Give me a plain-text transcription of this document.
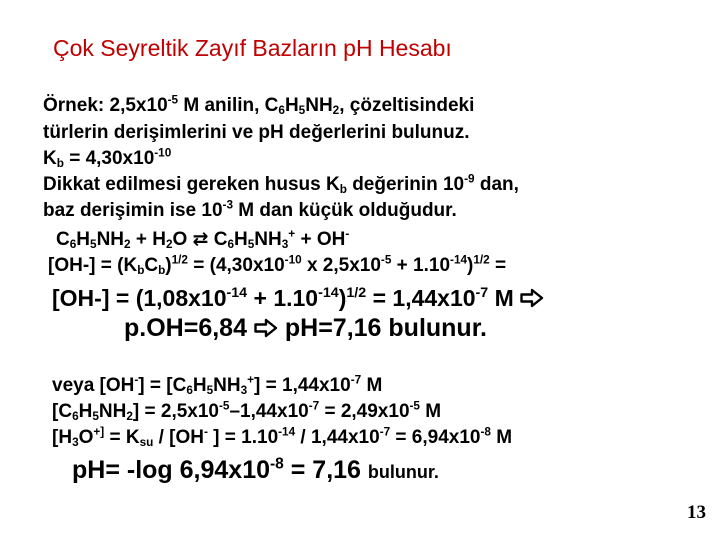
Çok Seyreltik Zayıf Bazların pH Hesabı
Örnek: $2,5x10^{-5}$ M anilin, $C_6H_5NH_2$, çözeltisindeki
türlerin derişimlerini ve pH değerlerini bulunuz.
$K_b = 4,30x10^{-10}$
Dikkat edilmesi gereken husus $K_b$ değerinin $10^{-9}$ dan,
baz derişimin ise $10^{-3}$ M dan küçük olduğudur.
$C_6H_5NH_2 + H_2O$ ⇄ $C_6H_5NH_3^+ + OH^-$
$[OH-] = (K_bC_b)^{1/2} = (4,30x10^{-10}$ x $2,5x10^{-5} + 1.10^{-14})^{1/2}$ =
$[OH-] = (1,08x10^{-14} + 1.10^{-14})^{1/2} = 1,44x10^{-7}$ M
p.OH=6,84  pH=7,16 bulunur.
veya $[OH^-] = [C_6H_5NH_3^+] = 1,44x10^{-7}$ M
$[C_6H_5NH_2] = 2,5x10^{-5}-1,44x10^{-7} = 2,49x10^{-5}$ M
[$H_3O^{+]} = K_{su} / [OH^-$ ] = $1.10^{-14} / 1,44x10^{-7} = 6,94x10^{-8}$ M
pH= -log $6,94x10^{-8} = 7,16$ bulunur.
13
